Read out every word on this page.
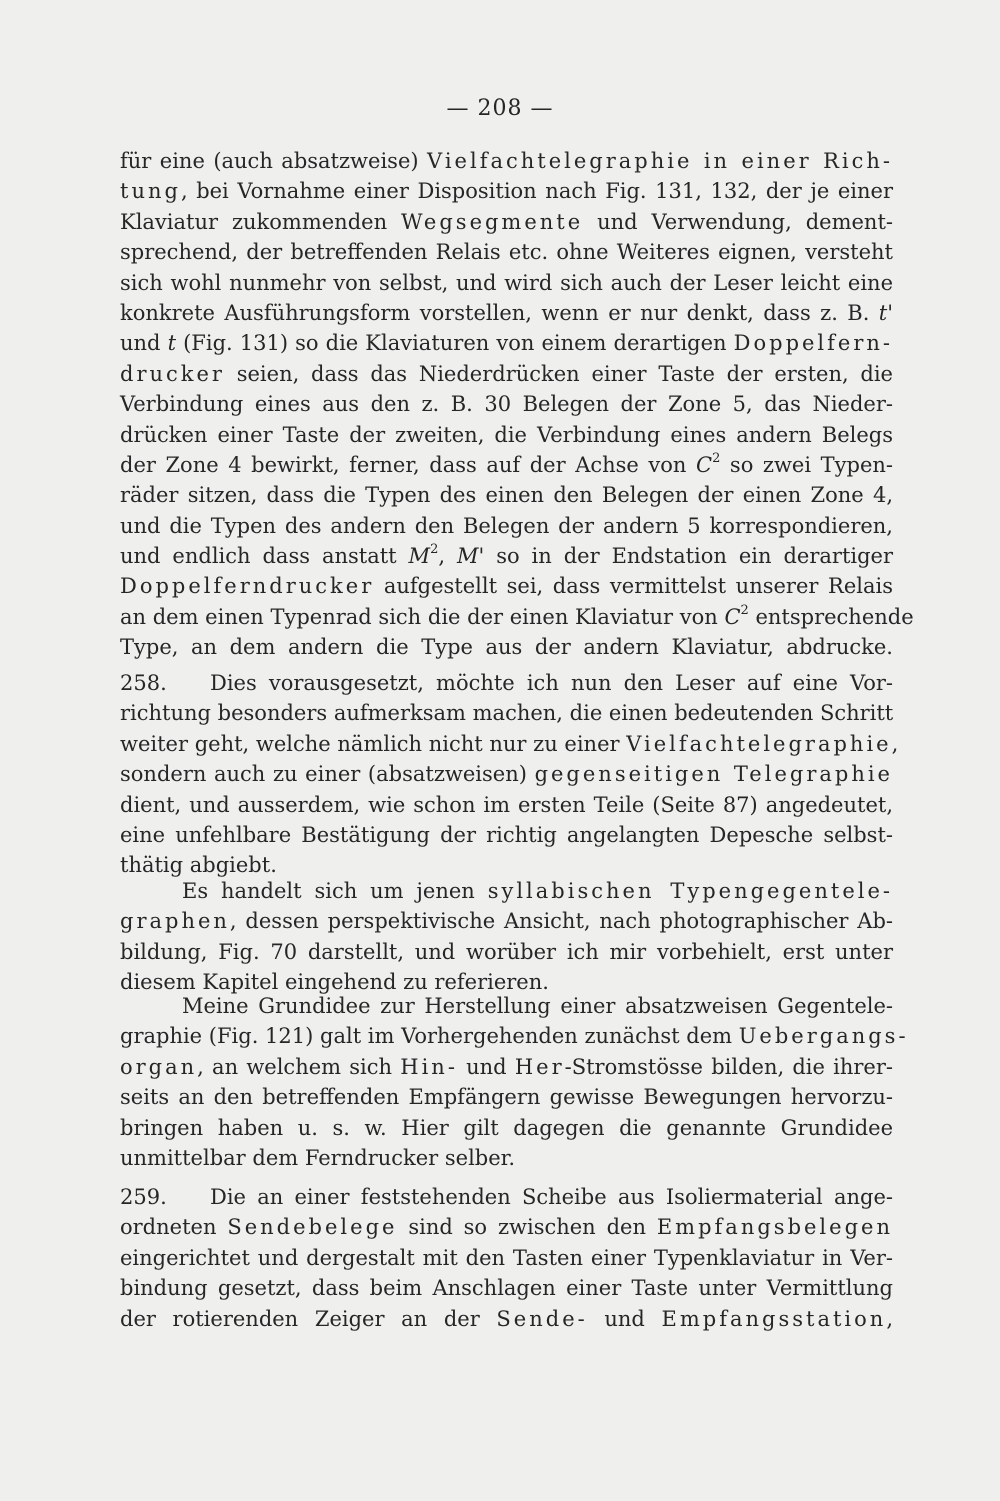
— 208 —
für eine (auch absatzweise) Vielfachtelegraphie in einer Rich-
tung, bei Vornahme einer Disposition nach Fig. 131, 132, der je einer
Klaviatur zukommenden Wegsegmente und Verwendung, dement-
sprechend, der betreffenden Relais etc. ohne Weiteres eignen, versteht
sich wohl nunmehr von selbst, und wird sich auch der Leser leicht eine
konkrete Ausführungsform vorstellen, wenn er nur denkt, dass z. B. t'
und t (Fig. 131) so die Klaviaturen von einem derartigen Doppelfern-
drucker seien, dass das Niederdrücken einer Taste der ersten, die
Verbindung eines aus den z. B. 30 Belegen der Zone 5, das Nieder-
drücken einer Taste der zweiten, die Verbindung eines andern Belegs
der Zone 4 bewirkt, ferner, dass auf der Achse von $C^2$ so zwei Typen-
räder sitzen, dass die Typen des einen den Belegen der einen Zone 4,
und die Typen des andern den Belegen der andern 5 korrespondieren,
und endlich dass anstatt $M^2$, M' so in der Endstation ein derartiger
Doppelferndrucker aufgestellt sei, dass vermittelst unserer Relais
an dem einen Typenrad sich die der einen Klaviatur von $C^2$ entsprechende
Type, an dem andern die Type aus der andern Klaviatur, abdrucke.
258. Dies vorausgesetzt, möchte ich nun den Leser auf eine Vor-
richtung besonders aufmerksam machen, die einen bedeutenden Schritt
weiter geht, welche nämlich nicht nur zu einer Vielfachtelegraphie,
sondern auch zu einer (absatzweisen) gegenseitigen Telegraphie
dient, und ausserdem, wie schon im ersten Teile (Seite 87) angedeutet,
eine unfehlbare Bestätigung der richtig angelangten Depesche selbst-
thätig abgiebt.
Es handelt sich um jenen syllabischen Typengegentele-
graphen, dessen perspektivische Ansicht, nach photographischer Ab-
bildung, Fig. 70 darstellt, und worüber ich mir vorbehielt, erst unter
diesem Kapitel eingehend zu referieren.
Meine Grundidee zur Herstellung einer absatzweisen Gegentele-
graphie (Fig. 121) galt im Vorhergehenden zunächst dem Uebergangs-
organ, an welchem sich Hin- und Her-Stromstösse bilden, die ihrer-
seits an den betreffenden Empfängern gewisse Bewegungen hervorzu-
bringen haben u. s. w. Hier gilt dagegen die genannte Grundidee
unmittelbar dem Ferndrucker selber.
259. Die an einer feststehenden Scheibe aus Isoliermaterial ange-
ordneten Sendebelege sind so zwischen den Empfangsbelegen
eingerichtet und dergestalt mit den Tasten einer Typenklaviatur in Ver-
bindung gesetzt, dass beim Anschlagen einer Taste unter Vermittlung
der rotierenden Zeiger an der Sende- und Empfangsstation,
